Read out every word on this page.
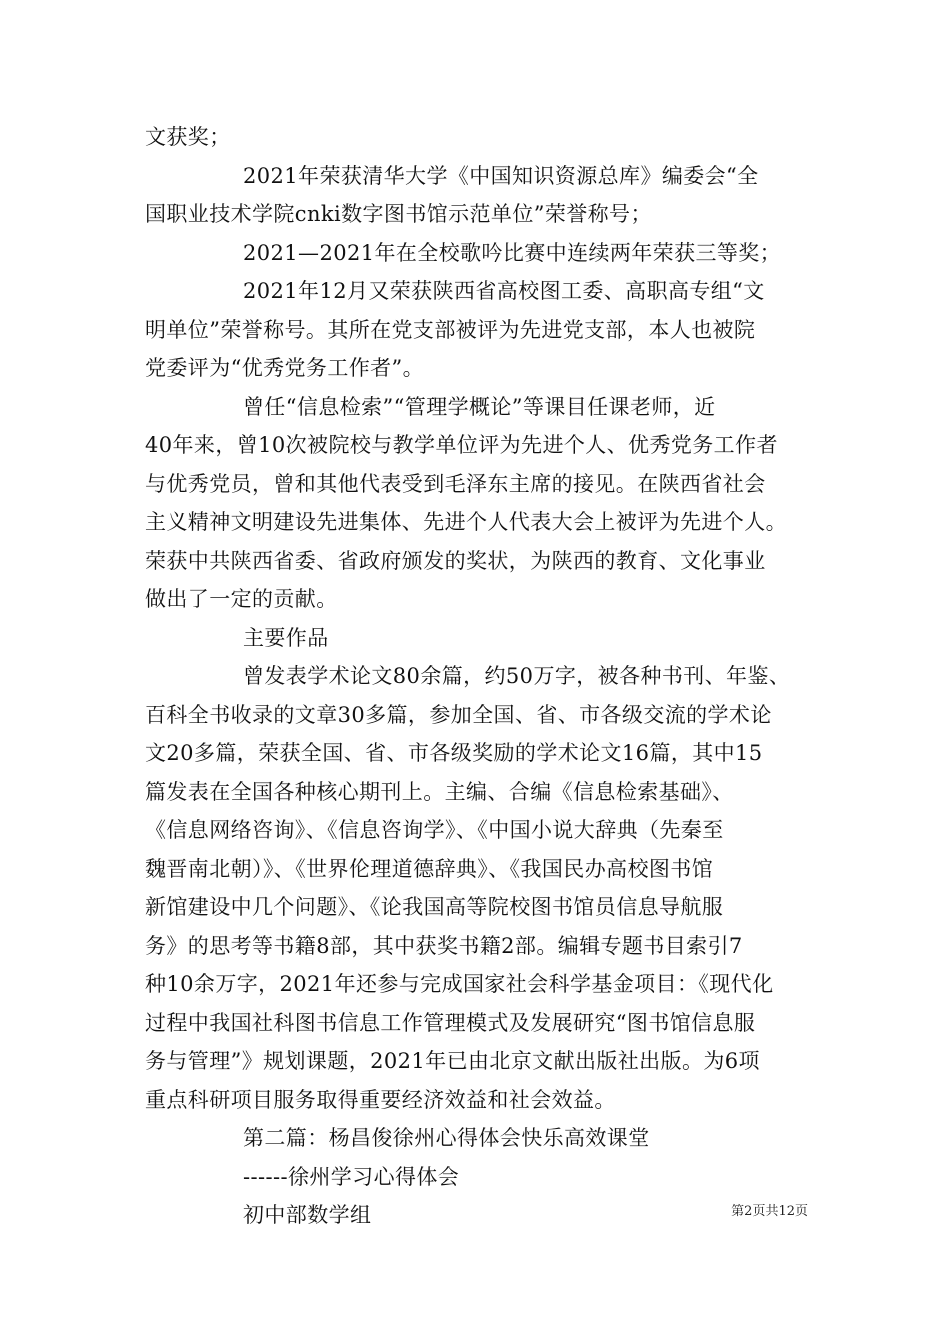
文获奖；
2021年荣获清华大学《中国知识资源总库》编委会“全
国职业技术学院cnki数字图书馆示范单位”荣誉称号；
2021—2021年在全校歌吟比赛中连续两年荣获三等奖；
2021年12月又荣获陕西省高校图工委、高职高专组“文
明单位”荣誉称号。其所在党支部被评为先进党支部，本人也被院
党委评为“优秀党务工作者”。
曾任“信息检索”“管理学概论”等课目任课老师，近
40年来，曾10次被院校与教学单位评为先进个人、优秀党务工作者
与优秀党员，曾和其他代表受到毛泽东主席的接见。在陕西省社会
主义精神文明建设先进集体、先进个人代表大会上被评为先进个人。
荣获中共陕西省委、省政府颁发的奖状，为陕西的教育、文化事业
做出了一定的贡献。
主要作品
曾发表学术论文80余篇，约50万字，被各种书刊、年鉴、
百科全书收录的文章30多篇，参加全国、省、市各级交流的学术论
文20多篇，荣获全国、省、市各级奖励的学术论文16篇，其中15
篇发表在全国各种核心期刊上。主编、合编《信息检索基础》、
《信息网络咨询》、《信息咨询学》、《中国小说大辞典（先秦至
魏晋南北朝）》、《世界伦理道德辞典》、《我国民办高校图书馆
新馆建设中几个问题》、《论我国高等院校图书馆员信息导航服
务》的思考等书籍8部，其中获奖书籍2部。编辑专题书目索引7
种10余万字，2021年还参与完成国家社会科学基金项目：《现代化
过程中我国社科图书信息工作管理模式及发展研究“图书馆信息服
务与管理”》规划课题，2021年已由北京文献出版社出版。为6项
重点科研项目服务取得重要经济效益和社会效益。
第二篇：杨昌俊徐州心得体会快乐高效课堂
------徐州学习心得体会
初中部数学组	第2页共12页
